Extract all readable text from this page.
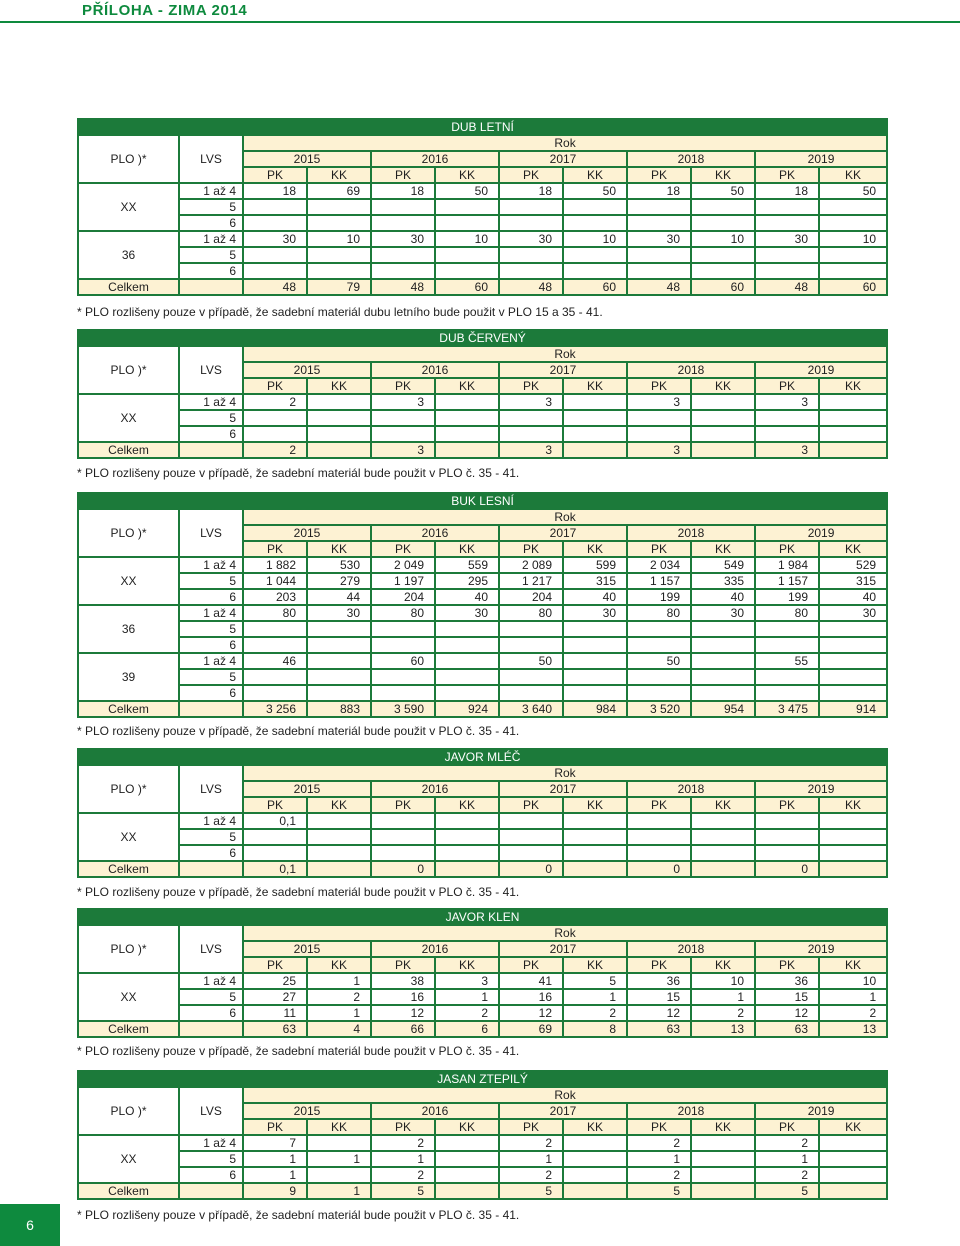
PŘÍLOHA - ZIMA 2014
DUB LETNÍ											
PLO )*	LVS	Rok									
		2015		2016		2017		2018		2019	
		PK	KK	PK	KK	PK	KK	PK	KK	PK	KK
XX	1 až 4	18	69	18	50	18	50	18	50	18	50
	5										
	6										
36	1 až 4	30	10	30	10	30	10	30	10	30	10
	5										
	6										
Celkem		48	79	48	60	48	60	48	60	48	60
* PLO rozlišeny pouze v případě, že sadební materiál dubu letního bude použit v PLO 15 a 35 - 41.
DUB ČERVENÝ											
PLO )*	LVS	Rok									
		2015		2016		2017		2018		2019	
		PK	KK	PK	KK	PK	KK	PK	KK	PK	KK
XX	1 až 4	2		3		3		3		3	
	5										
	6										
Celkem		2		3		3		3		3	
* PLO rozlišeny pouze v případě, že sadební materiál bude použit v PLO č. 35 - 41.
BUK LESNÍ											
PLO )*	LVS	Rok									
		2015		2016		2017		2018		2019	
		PK	KK	PK	KK	PK	KK	PK	KK	PK	KK
XX	1 až 4	1 882	530	2 049	559	2 089	599	2 034	549	1 984	529
	5	1 044	279	1 197	295	1 217	315	1 157	335	1 157	315
	6	203	44	204	40	204	40	199	40	199	40
36	1 až 4	80	30	80	30	80	30	80	30	80	30
	5										
	6										
39	1 až 4	46		60		50		50		55	
	5										
	6										
Celkem		3 256	883	3 590	924	3 640	984	3 520	954	3 475	914
* PLO rozlišeny pouze v případě, že sadební materiál bude použit v PLO č. 35 - 41.
JAVOR MLÉČ											
PLO )*	LVS	Rok									
		2015		2016		2017		2018		2019	
		PK	KK	PK	KK	PK	KK	PK	KK	PK	KK
XX	1 až 4	0,1									
	5										
	6										
Celkem		0,1		0		0		0		0	
* PLO rozlišeny pouze v případě, že sadební materiál bude použit v PLO č. 35 - 41.
JAVOR KLEN											
PLO )*	LVS	Rok									
		2015		2016		2017		2018		2019	
		PK	KK	PK	KK	PK	KK	PK	KK	PK	KK
XX	1 až 4	25	1	38	3	41	5	36	10	36	10
	5	27	2	16	1	16	1	15	1	15	1
	6	11	1	12	2	12	2	12	2	12	2
Celkem		63	4	66	6	69	8	63	13	63	13
* PLO rozlišeny pouze v případě, že sadební materiál bude použit v PLO č. 35 - 41.
JASAN ZTEPILÝ											
PLO )*	LVS	Rok									
		2015		2016		2017		2018		2019	
		PK	KK	PK	KK	PK	KK	PK	KK	PK	KK
XX	1 až 4	7		2		2		2		2	
	5	1	1	1		1		1		1	
	6	1		2		2		2		2	
Celkem		9	1	5		5		5		5	
* PLO rozlišeny pouze v případě, že sadební materiál bude použit v PLO č. 35 - 41.
6
